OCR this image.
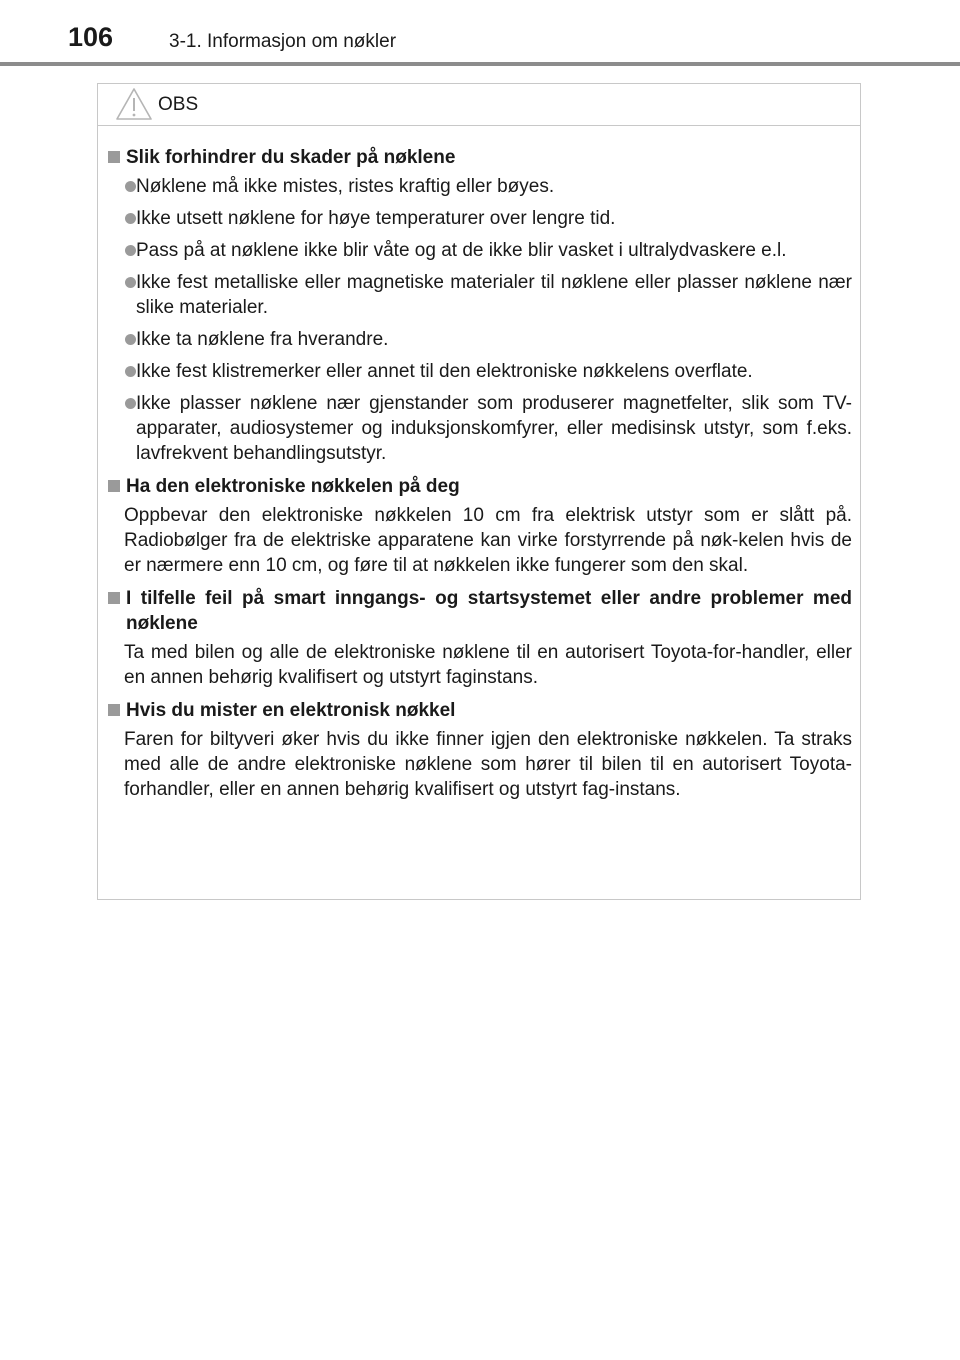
106	3-1. Informasjon om nøkler
OBS
Slik forhindrer du skader på nøklene
Nøklene må ikke mistes, ristes kraftig eller bøyes.
Ikke utsett nøklene for høye temperaturer over lengre tid.
Pass på at nøklene ikke blir våte og at de ikke blir vasket i ultralydvaskere e.l.
Ikke fest metalliske eller magnetiske materialer til nøklene eller plasser nøklene nær slike materialer.
Ikke ta nøklene fra hverandre.
Ikke fest klistremerker eller annet til den elektroniske nøkkelens overflate.
Ikke plasser nøklene nær gjenstander som produserer magnetfelter, slik som TV-apparater, audiosystemer og induksjonskomfyrer, eller medisinsk utstyr, som f.eks. lavfrekvent behandlingsutstyr.
Ha den elektroniske nøkkelen på deg
Oppbevar den elektroniske nøkkelen 10 cm fra elektrisk utstyr som er slått på. Radiobølger fra de elektriske apparatene kan virke forstyrrende på nøk-kelen hvis de er nærmere enn 10 cm, og føre til at nøkkelen ikke fungerer som den skal.
I tilfelle feil på smart inngangs- og startsystemet eller andre problemer med nøklene
Ta med bilen og alle de elektroniske nøklene til en autorisert Toyota-for-handler, eller en annen behørig kvalifisert og utstyrt faginstans.
Hvis du mister en elektronisk nøkkel
Faren for biltyveri øker hvis du ikke finner igjen den elektroniske nøkkelen. Ta straks med alle de andre elektroniske nøklene som hører til bilen til en autorisert Toyota-forhandler, eller en annen behørig kvalifisert og utstyrt fag-instans.
